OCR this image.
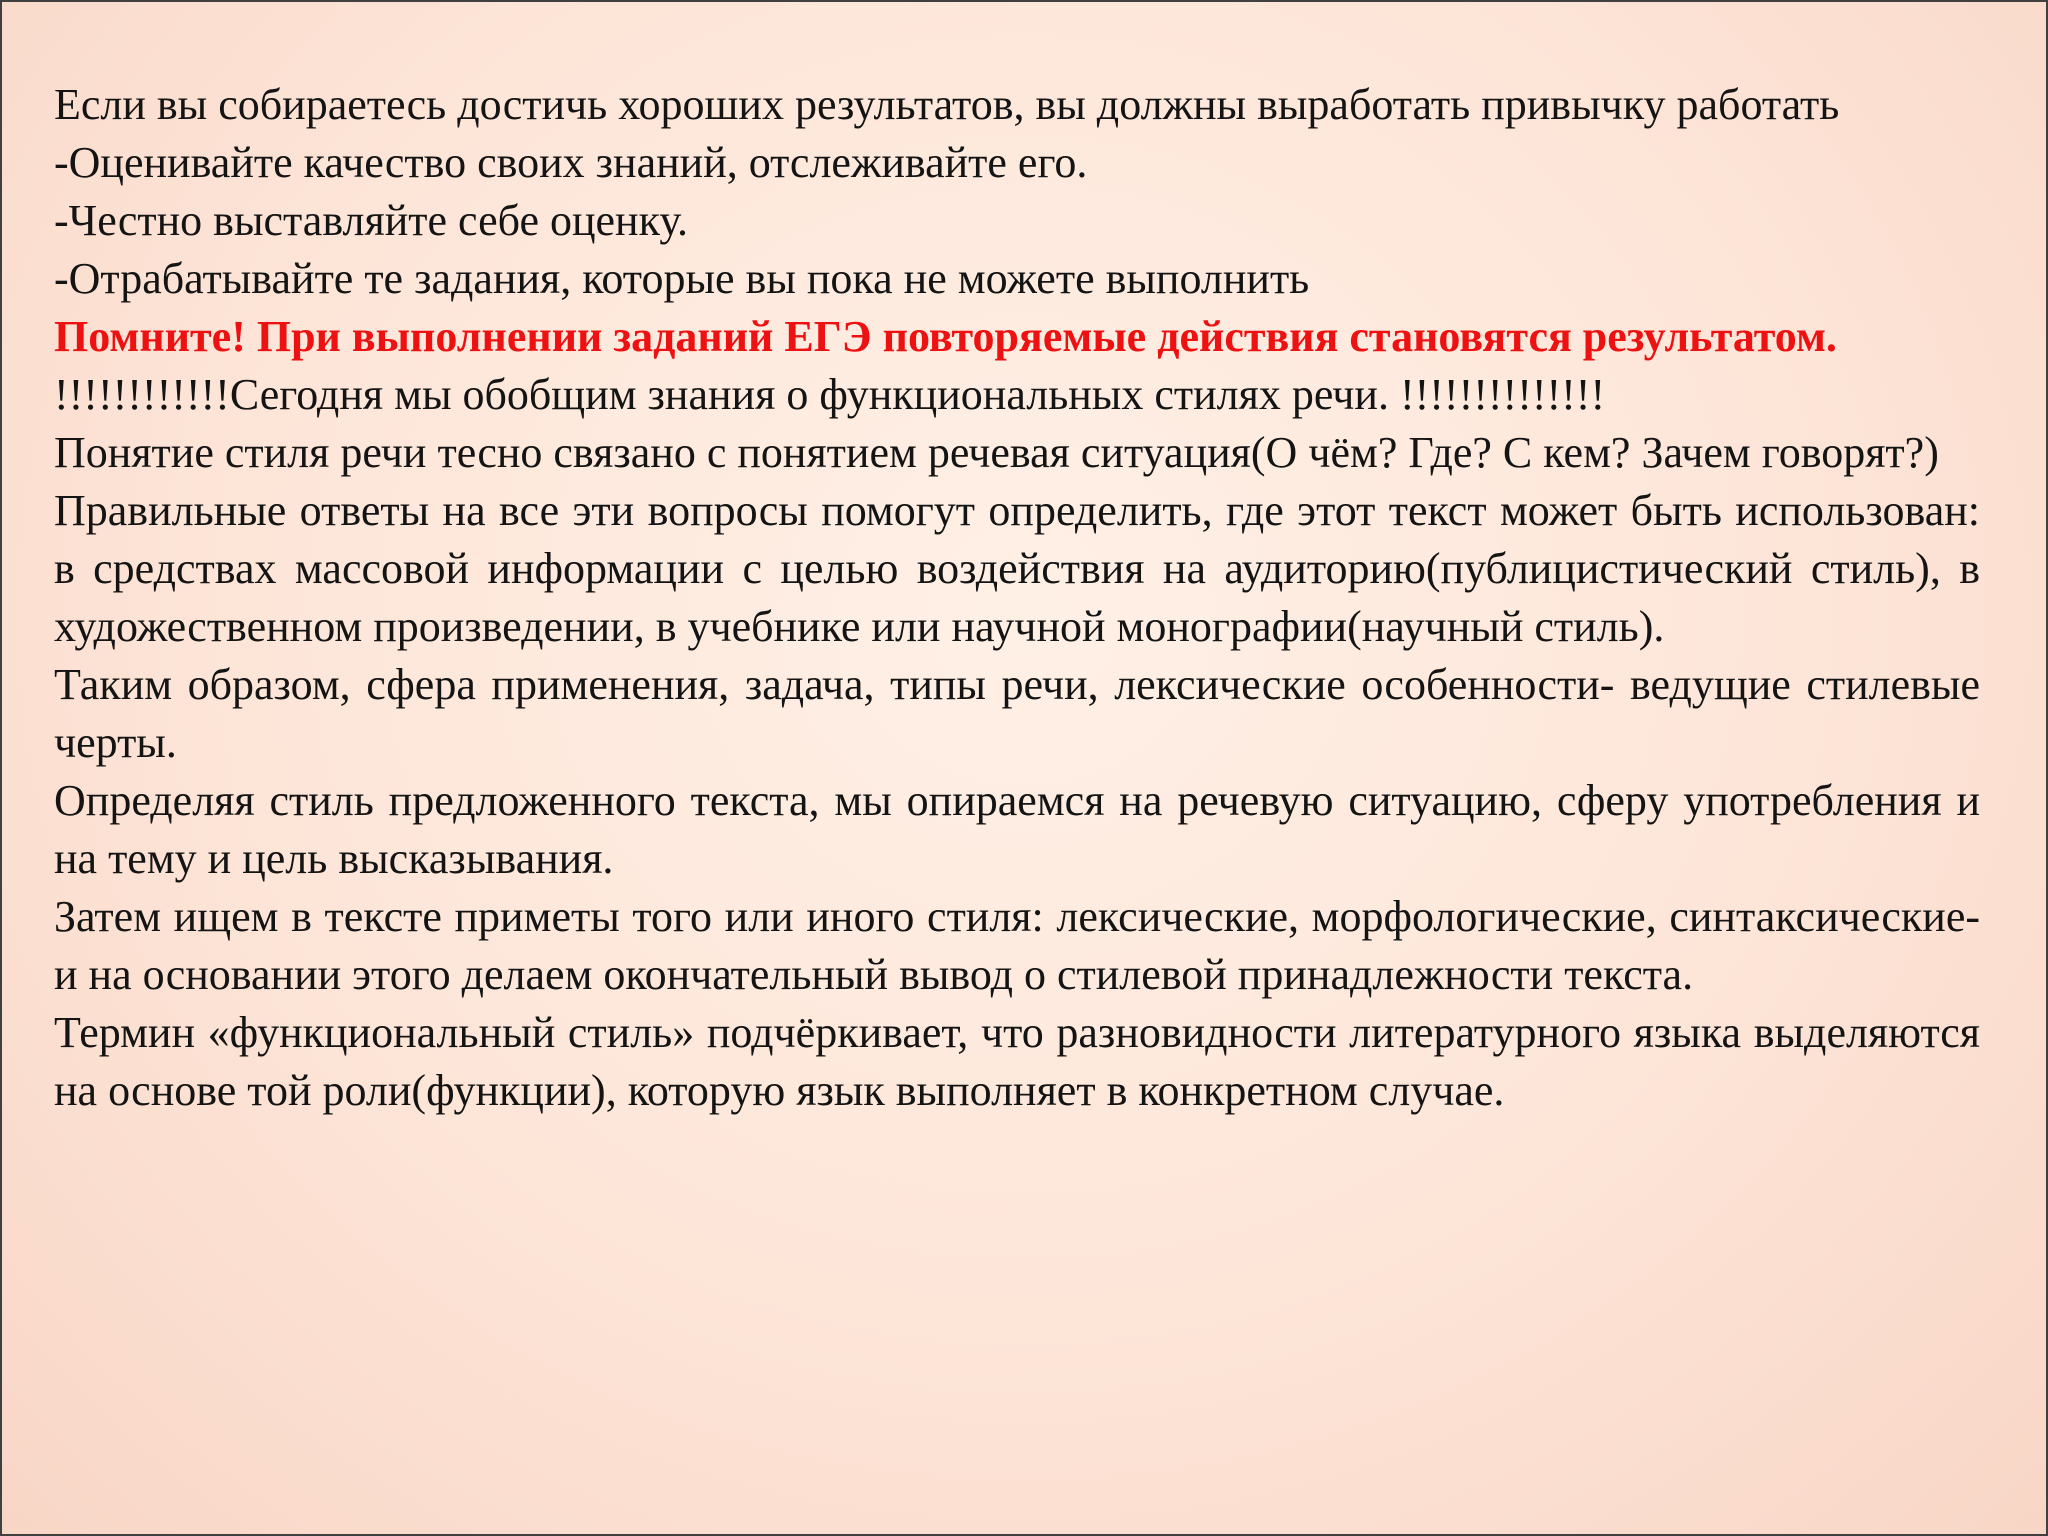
Если вы собираетесь достичь хороших результатов, вы должны выработать привычку работать

-Оценивайте качество своих знаний, отслеживайте его.

-Честно выставляйте себе оценку.

-Отрабатывайте те задания, которые вы пока не можете выполнить

Помните! При выполнении заданий ЕГЭ повторяемые действия становятся результатом.

!!!!!!!!!!!!Сегодня мы обобщим знания о функциональных стилях речи. !!!!!!!!!!!!!!

Понятие стиля речи тесно связано с понятием речевая ситуация(О чём? Где? С кем? Зачем говорят?)

Правильные ответы на все эти вопросы помогут определить, где этот текст может быть использован: в средствах массовой информации с целью воздействия на аудиторию(публицистический стиль), в художественном произведении, в учебнике или научной монографии(научный стиль).

Таким образом, сфера применения, задача, типы речи, лексические особенности- ведущие стилевые черты.

Определяя стиль предложенного текста, мы опираемся на речевую ситуацию, сферу употребления и на тему и цель высказывания.

Затем ищем в тексте приметы того или иного стиля: лексические, морфологические, синтаксические- и на основании этого делаем окончательный вывод о стилевой принадлежности текста.

Термин «функциональный стиль» подчёркивает, что разновидности литературного языка выделяются на основе той роли(функции), которую язык выполняет в конкретном случае.
